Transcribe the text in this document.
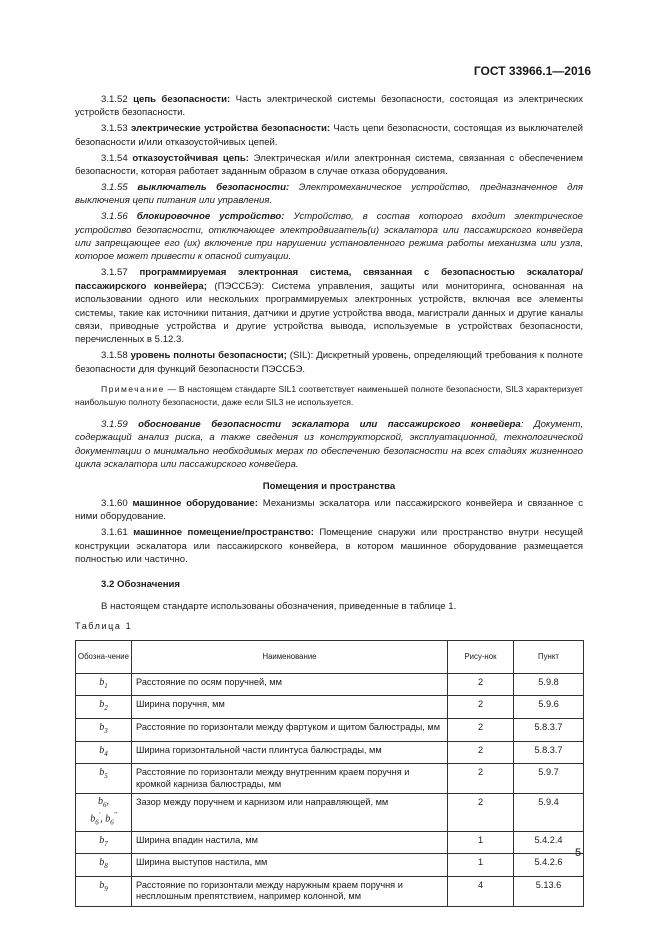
ГОСТ 33966.1—2016

3.1.52 цепь безопасности: Часть электрической системы безопасности, состоящая из электрических устройств безопасности.

3.1.53 электрические устройства безопасности: Часть цепи безопасности, состоящая из выключателей безопасности и/или отказоустойчивых цепей.

3.1.54 отказоустойчивая цепь: Электрическая и/или электронная система, связанная с обеспечением безопасности, которая работает заданным образом в случае отказа оборудования.

3.1.55 выключатель безопасности: Электромеханическое устройство, предназначенное для выключения цепи питания или управления.

3.1.56 блокировочное устройство: Устройство, в состав которого входит электрическое устройство безопасности, отключающее электродвигатель(и) эскалатора или пассажирского конвейера или запрещающее его (их) включение при нарушении установленного режима работы механизма или узла, которое может привести к опасной ситуации.

3.1.57 программируемая электронная система, связанная с безопасностью эскалатора/пассажирского конвейера; (ПЭССБЭ): Система управления, защиты или мониторинга, основанная на использовании одного или нескольких программируемых электронных устройств, включая все элементы системы, такие как источники питания, датчики и другие устройства ввода, магистрали данных и другие каналы связи, приводные устройства и другие устройства вывода, используемые в устройствах безопасности, перечисленных в 5.12.3.

3.1.58 уровень полноты безопасности; (SIL): Дискретный уровень, определяющий требования к полноте безопасности для функций безопасности ПЭССБЭ.

Примечание — В настоящем стандарте SIL1 соответствует наименьшей полноте безопасности, SIL3 характеризует наибольшую полноту безопасности, даже если SIL3 не используется.

3.1.59 обоснование безопасности эскалатора или пассажирского конвейера: Документ, содержащий анализ риска, а также сведения из конструкторской, эксплуатационной, технологической документации о минимально необходимых мерах по обеспечению безопасности на всех стадиях жизненного цикла эскалатора или пассажирского конвейера.

Помещения и пространства

3.1.60 машинное оборудование: Механизмы эскалатора или пассажирского конвейера и связанное с ними оборудование.

3.1.61 машинное помещение/пространство: Помещение снаружи или пространство внутри несущей конструкции эскалатора или пассажирского конвейера, в котором машинное оборудование размещается полностью или частично.

3.2 Обозначения

В настоящем стандарте использованы обозначения, приведенные в таблице 1.

Таблица 1
Обозна-чение	Наименование	Рису-нок	Пункт
$b_1$	Расстояние по осям поручней, мм	2	5.9.8
$b_2$	Ширина поручня, мм	2	5.9.6
$b_3$	Расстояние по горизонтали между фартуком и щитом балюстрады, мм	2	5.8.3.7
$b_4$	Ширина горизонтальной части плинтуса балюстрады, мм	2	5.8.3.7
$b_5$	Расстояние по горизонтали между внутренним краем поручня и кромкой карниза балюстрады, мм	2	5.9.7
$b_6$,
$b_6'$, $b_6^"$	Зазор между поручнем и карнизом или направляющей, мм	2	5.9.4
$b_7$	Ширина впадин настила, мм	1	5.4.2.4
$b_8$	Ширина выступов настила, мм	1	5.4.2.6
$b_9$	Расстояние по горизонтали между наружным краем поручня и несплошным препятствием, например колонной, мм	4	5.13.6
5
